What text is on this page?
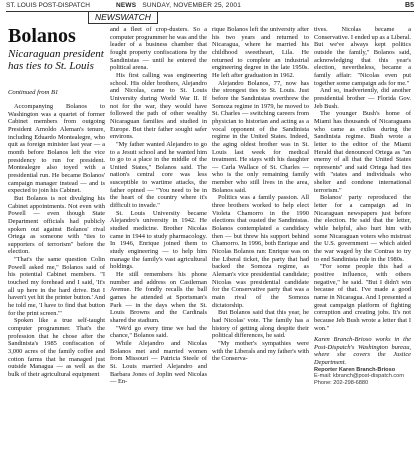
ST. LOUIS POST-DISPATCH	NEWS SUNDAY, NOVEMBER 25, 2001	B5
NEWSWATCH
Bolanos
Nicaraguan president has ties to St. Louis
Continued from B1

Accompanying Bolanos to Washington was a quartet of former Cabinet members from outgoing President Arnoldo Aleman's tenure, including Eduardo Montealegre, who quit as foreign minister last year — a month before Bolanos left the vice presidency to run for president. Montealegre also toyed with a presidential run. He became Bolanos' campaign manager instead — and is expected to join his Cabinet.

But Bolanos is not divulging his Cabinet appointments. Not even with Powell — even though State Department officials had publicly spoken out against Bolanos' rival Ortega as someone with "ties to supporters of terrorism" before the election.

"That's the same question Colin Powell asked me," Bolanos said of his potential Cabinet members. "I touched my forehead and I said, 'It's all up here in the hard drive. But I haven't yet hit the printer button.' And he told me, 'I have to find that button for the print screen.'"

Spoken like a true self-taught computer programmer. That's the profession that he chose after the Sandinista's 1985 confiscation of 3,000 acres of the family coffee and cotton farms that he managed just outside Managua — as well as the bulk of their agricultural equipment

and a fleet of crop-dusters. So a computer programmer he was and the leader of a business chamber that fought property confiscations by the Sandinistas — until he entered the political arena.

His first calling was engineering school. His older brothers, Alejandro and Nicolas, came to St. Louis University during World War II. If not for the war, they would have followed the path of other wealthy Nicaraguan families and studied in Europe. But their father sought safer environs.

"My father wanted Alejandro to go to a Jesuit school and he wanted him to go to a place in the middle of the United States," Bolanos said. The nation's central core was less susceptible to wartime attacks, the father opined — "You need to be in the heart of the country where it's difficult to invade."

St. Louis University became Alejandro's university in 1942. He studied medicine. Brother Nicolas came in 1944 to study pharmacology. In 1946, Enrique joined them to study engineering — to help him manage the family's vast agricultural holdings.

He still remembers his phone number and address on Castleman Avenue. He fondly recalls the ball games he attended at Sportsman's Park — in the days when the St. Louis Browns and the Cardinals shared the stadium.

"We'd go every time we had the chance," Bolanos said.

While Alejandro and Nicolas Bolanos met and married women from Missouri — Patricia Steele of St. Louis married Alejandro and Barbara Jones of Joplin wed Nicolas — En-

rique Bolanos left the university after his two years and returned to Nicaragua, where he married his childhood sweetheart, Lila. He returned to complete an industrial engineering degree in the late 1950s. He left after graduation in 1962.

Alejandro Bolanos, 77, now has the strongest ties to St. Louis. Just before the Sandinistas overthrew the Somoza regime in 1979, he moved to St. Charles — switching careers from physician to historian and acting as a vocal opponent of the Sandinista regime in the United States. Indeed, the aging oldest brother was in St. Louis last week for medical treatment. He stays with his daughter — Carla Wallace of St. Charles — who is the only remaining family member who still lives in the area, Bolanos said.

Politics was a family passion. All three brothers worked to help elect Violeta Chamorro in the 1990 elections that ousted the Sandinistas. Bolanos contemplated a candidacy then — but threw his support behind Chamorro. In 1996, both Enrique and Nicolas Bolanos ran: Enrique was on the Liberal ticket, the party that had backed the Somoza regime, as Aleman's vice presidential candidate; Nicolas was presidential candidate for the Conservative party that was a main rival of the Somoza dictatorship.

But Bolanos said that this year, he had Nicolas' vote. The family has a history of getting along despite their political differences, he said.

"My mother's sympathies were with the Liberals and my father's with the Conserva-

tives. Nicolas became a Conservative. I ended up as a Liberal. But we've always kept politics outside the family," Bolanos said, acknowledging that this year's election, nevertheless, became a family affair: "Nicolas even put together some campaign ads for me."

And so, inadvertently, did another presidential brother — Florida Gov. Jeb Bush.

The younger Bush's home of Miami has thousands of Nicaraguans who came as exiles during the Sandinista regime. Bush wrote a letter to the editor of the Miami Herald that denounced Ortega as "an enemy of all that the United States represents" and said Ortega had ties with "states and individuals who shelter and condone international terrorism."

Bolanos' party reproduced the letter for a campaign ad in Nicaraguan newspapers just before the election. He said that the letter, while helpful, also hurt him with some Nicaraguan voters who mistrust the U.S. government — which aided the war waged by the Contras to try to end Sandinista rule in the 1980s.

"For some people this had a positive influence, with others negative," he said. "But I didn't win because of that. I've made a good name in Nicaragua. And I presented a great campaign platform of fighting corruption and creating jobs. It's not because Jeb Bush wrote a letter that I won."

Karen Branch-Brioso works in the Post-Dispatch's Washington bureau, where she covers the Justice Department.
Reporter Karen Branch-Brioso
E-mail: kbranch@post-dispatch.com
Phone: 202-298-6880
